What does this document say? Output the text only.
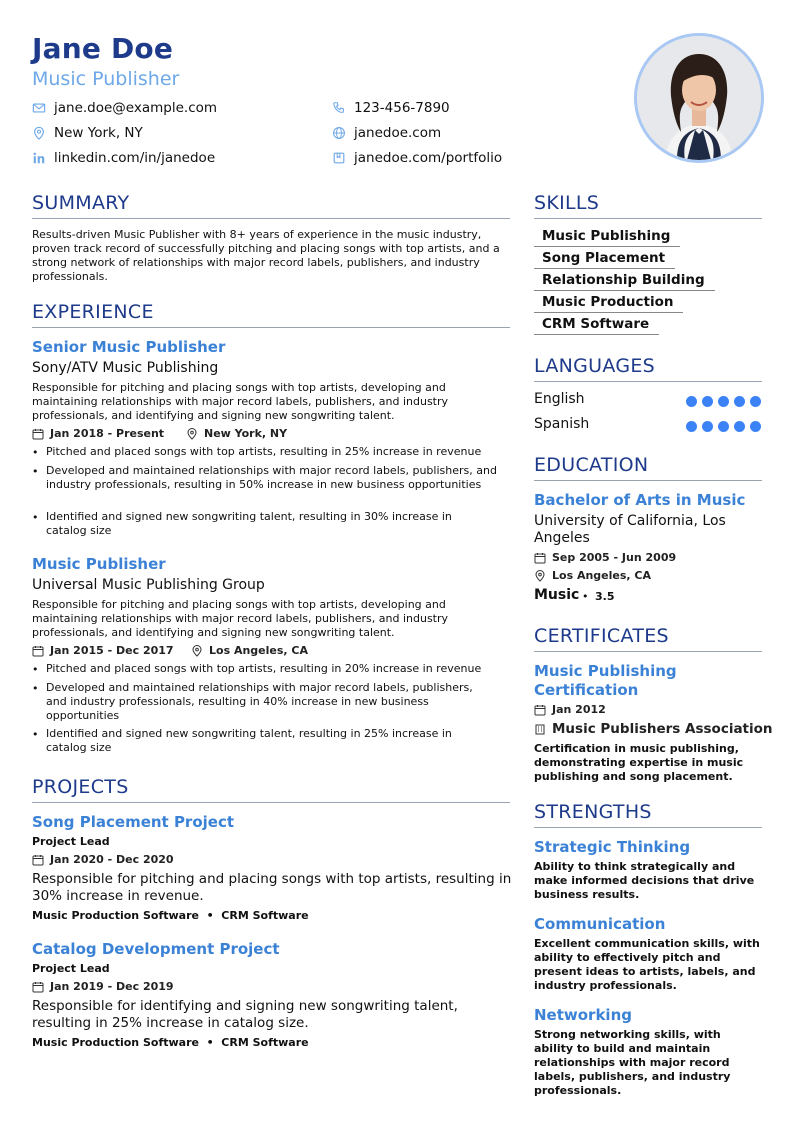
Jane Doe
Music Publisher
jane.doe@example.com	123-456-7890
New York, NY	janedoe.com
linkedin.com/in/janedoe	janedoe.com/portfolio
SUMMARY
Results-driven Music Publisher with 8+ years of experience in the music industry, proven track record of successfully pitching and placing songs with top artists, and a strong network of relationships with major record labels, publishers, and industry professionals.
EXPERIENCE
Senior Music Publisher
Sony/ATV Music Publishing
Responsible for pitching and placing songs with top artists, developing and maintaining relationships with major record labels, publishers, and industry professionals, and identifying and signing new songwriting talent.
Jan 2018 - Present	New York, NY
• Pitched and placed songs with top artists, resulting in 25% increase in revenue
• Developed and maintained relationships with major record labels, publishers, and industry professionals, resulting in 50% increase in new business opportunities
• Identified and signed new songwriting talent, resulting in 30% increase in catalog size
Music Publisher
Universal Music Publishing Group
Responsible for pitching and placing songs with top artists, developing and maintaining relationships with major record labels, publishers, and industry professionals, and identifying and signing new songwriting talent.
Jan 2015 - Dec 2017	Los Angeles, CA
• Pitched and placed songs with top artists, resulting in 20% increase in revenue
• Developed and maintained relationships with major record labels, publishers, and industry professionals, resulting in 40% increase in new business opportunities
• Identified and signed new songwriting talent, resulting in 25% increase in catalog size
PROJECTS
Song Placement Project
Project Lead
Jan 2020 - Dec 2020
Responsible for pitching and placing songs with top artists, resulting in 30% increase in revenue.
Music Production Software  •  CRM Software
Catalog Development Project
Project Lead
Jan 2019 - Dec 2019
Responsible for identifying and signing new songwriting talent, resulting in 25% increase in catalog size.
Music Production Software  •  CRM Software
SKILLS
Music Publishing
Song Placement
Relationship Building
Music Production
CRM Software
LANGUAGES
English
Spanish
EDUCATION
Bachelor of Arts in Music
University of California, Los Angeles
Sep 2005 - Jun 2009
Los Angeles, CA
Music • 3.5
CERTIFICATES
Music Publishing Certification
Jan 2012
Music Publishers Association
Certification in music publishing, demonstrating expertise in music publishing and song placement.
STRENGTHS
Strategic Thinking
Ability to think strategically and make informed decisions that drive business results.
Communication
Excellent communication skills, with ability to effectively pitch and present ideas to artists, labels, and industry professionals.
Networking
Strong networking skills, with ability to build and maintain relationships with major record labels, publishers, and industry professionals.
